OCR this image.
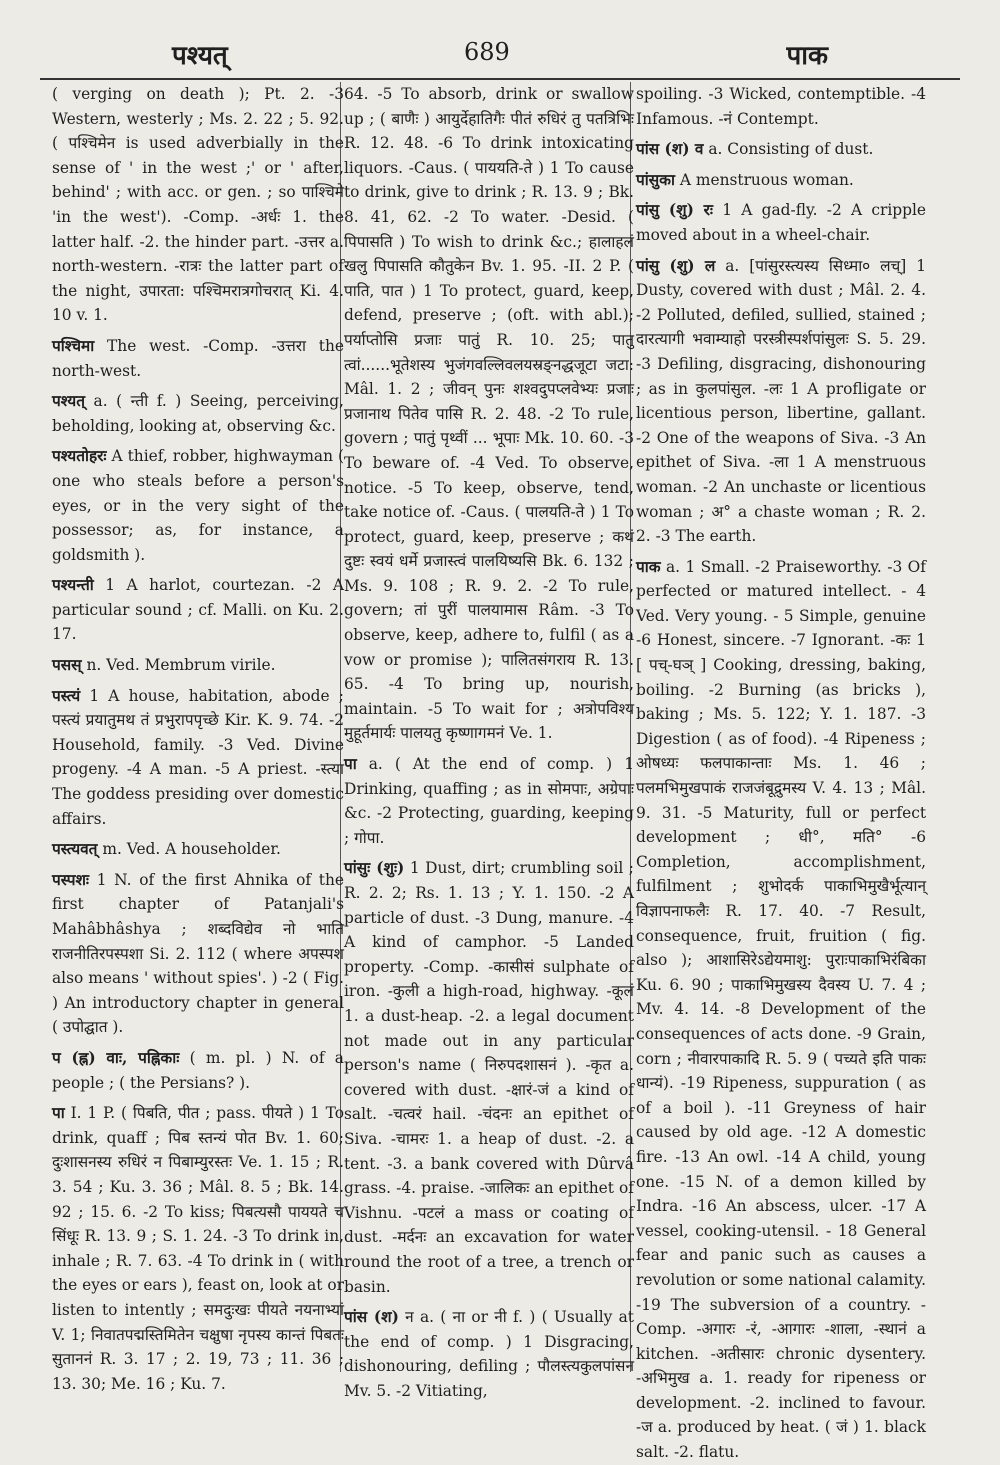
पश्यत्	689	पाक
( verging on death ); Pt. 2. -3 Western, westerly ; Ms. 2. 22 ; 5. 92. ( पश्चिमेन is used adverbially in the sense of ' in the west ;' or ' after, behind' ; with acc. or gen. ; so पाश्चिमे 'in the west'). -Comp. -अर्धः 1. the latter half. -2. the hinder part. -उत्तर a. north-western. -रात्रः the latter part of the night, उपारता: पश्चिमरात्रगोचरात् Ki. 4. 10 v. 1.
पश्चिमा The west. -Comp. -उत्तरा the north-west.
पश्यत् a. ( न्ती f. ) Seeing, perceiving, beholding, looking at, observing &c.
पश्यतोहरः A thief, robber, highwayman ( one who steals before a person's eyes, or in the very sight of the possessor; as, for instance, a goldsmith ).
पश्यन्ती 1 A harlot, courtezan. -2 A particular sound ; cf. Malli. on Ku. 2. 17.
पसस् n. Ved. Membrum virile.
पस्त्यं 1 A house, habitation, abode ; पस्त्यं प्रयातुमथ तं प्रभुरापपृच्छे Kir. K. 9. 74. -2 Household, family. -3 Ved. Divine progeny. -4 A man. -5 A priest. -स्त्या The goddess presiding over domestic affairs.
पस्त्यवत् m. Ved. A householder.
पस्पशः 1 N. of the first Ahnika of the first chapter of Patanjali's Mahâbhâshya ; शब्दविद्येव नो भाति राजनीतिरपस्पशा Si. 2. 112 ( where अपस्पश also means ' without spies'. ) -2 ( Fig. ) An introductory chapter in general ( उपोद्घात ).
प (ह्न) वाः, पह्निकाः ( m. pl. ) N. of a people ; ( the Persians? ).
पा I. 1 P. ( पिबति, पीत ; pass. पीयते ) 1 To drink, quaff ; पिब स्तन्यं पोत Bv. 1. 60; दुःशासनस्य रुधिरं न पिबाम्युरस्तः Ve. 1. 15 ; R. 3. 54 ; Ku. 3. 36 ; Mâl. 8. 5 ; Bk. 14. 92 ; 15. 6. -2 To kiss; पिबत्यसौ पाययते च सिंधूः R. 13. 9 ; S. 1. 24. -3 To drink in, inhale ; R. 7. 63. -4 To drink in ( with the eyes or ears ), feast on, look at or listen to intently ; समदुःखः पीयते नयनाभ्यां V. 1; निवातपद्मस्तिमितेन चक्षुषा नृपस्य कान्तं पिबतः सुताननं R. 3. 17 ; 2. 19, 73 ; 11. 36 ; 13. 30; Me. 16 ; Ku. 7.
64. -5 To absorb, drink or swallow up ; ( बाणैः ) आयुर्देहातिगैः पीतं रुधिरं तु पतत्रिभिः R. 12. 48. -6 To drink intoxicating liquors. -Caus. ( पाययति-ते ) 1 To cause to drink, give to drink ; R. 13. 9 ; Bk. 8. 41, 62. -2 To water. -Desid. ( पिपासति ) To wish to drink &c.; हालाहलं खलु पिपासति कौतुकेन Bv. 1. 95. -II. 2 P. ( पाति, पात ) 1 To protect, guard, keep, defend, preserve ; (oft. with abl.); पर्याप्तोसि प्रजाः पातुं R. 10. 25; पातु त्वां......भूतेशस्य भुजंगवल्लिवलयस्रङ्नद्धजूटा जटा: Mâl. 1. 2 ; जीवन् पुनः शश्वदुपप्लवेभ्यः प्रजाः प्रजानाथ पितेव पासि R. 2. 48. -2 To rule, govern ; पातुं पृथ्वीं ... भूपाः Mk. 10. 60. -3 To beware of. -4 Ved. To observe, notice. -5 To keep, observe, tend, take notice of. -Caus. ( पालयति-ते ) 1 To protect, guard, keep, preserve ; कथं दुष्टः स्वयं धर्मे प्रजास्त्वं पालयिष्यसि Bk. 6. 132 ; Ms. 9. 108 ; R. 9. 2. -2 To rule, govern; तां पुरीं पालयामास Râm. -3 To observe, keep, adhere to, fulfil ( as a vow or promise ); पालितसंगराय R. 13. 65. -4 To bring up, nourish, maintain. -5 To wait for ; अत्रोपविश्य मुहूर्तमार्यः पालयतु कृष्णागमनं Ve. 1.
पा a. ( At the end of comp. ) 1 Drinking, quaffing ; as in सोमपाः, अग्रेपाः &c. -2 Protecting, guarding, keeping ; गोपा.
पांसुः (शुः) 1 Dust, dirt; crumbling soil ; R. 2. 2; Rs. 1. 13 ; Y. 1. 150. -2 A particle of dust. -3 Dung, manure. -4 A kind of camphor. -5 Landed property. -Comp. -कासीसं sulphate of iron. -कुली a high-road, highway. -कूलं 1. a dust-heap. -2. a legal document not made out in any particular person's name ( निरुपदशासनं ). -कृत a. covered with dust. -क्षारं-जं a kind of salt. -चत्वरं hail. -चंदनः an epithet of Siva. -चामरः 1. a heap of dust. -2. a tent. -3. a bank covered with Dûrvâ grass. -4. praise. -जालिकः an epithet of Vishnu. -पटलं a mass or coating of dust. -मर्दनः an excavation for water round the root of a tree, a trench or basin.
पांस (श) न a. ( ना or नी f. ) ( Usually at the end of comp. ) 1 Disgracing, dishonouring, defiling ; पौलस्त्यकुलपांसन Mv. 5. -2 Vitiating,
spoiling. -3 Wicked, contemptible. -4 Infamous. -नं Contempt.
पांस (श) व a. Consisting of dust.
पांसुका A menstruous woman.
पांसु (शु) रः 1 A gad-fly. -2 A cripple moved about in a wheel-chair.
पांसु (शु) ल a. [पांसुरस्त्यस्य सिध्मा० लच्] 1 Dusty, covered with dust ; Mâl. 2. 4. -2 Polluted, defiled, sullied, stained ; दारत्यागी भवाम्याहो परस्त्रीस्पर्शपांसुलः S. 5. 29. -3 Defiling, disgracing, dishonouring ; as in कुलपांसुल. -लः 1 A profligate or licentious person, libertine, gallant. -2 One of the weapons of Siva. -3 An epithet of Siva. -ला 1 A menstruous woman. -2 An unchaste or licentious woman ; अ° a chaste woman ; R. 2. 2. -3 The earth.
पाक a. 1 Small. -2 Praiseworthy. -3 Of perfected or matured intellect. - 4 Ved. Very young. - 5 Simple, genuine -6 Honest, sincere. -7 Ignorant. -कः 1 [ पच्-घञ् ] Cooking, dressing, baking, boiling. -2 Burning (as bricks ), baking ; Ms. 5. 122; Y. 1. 187. -3 Digestion ( as of food). -4 Ripeness ; ओषध्यः फलपाकान्ताः Ms. 1. 46 ; पलमभिमुखपाकं राजजंबूद्रुमस्य V. 4. 13 ; Mâl. 9. 31. -5 Maturity, full or perfect development ; धी°, मति° -6 Completion, accomplishment, fulfilment ; शुभोदर्क पाकाभिमुखैर्भूत्यान् विज्ञापनाफलैः R. 17. 40. -7 Result, consequence, fruit, fruition ( fig. also ); आशासिरेऽद्येयमाशु: पुराःपाकाभिरंबिका Ku. 6. 90 ; पाकाभिमुखस्य दैवस्य U. 7. 4 ; Mv. 4. 14. -8 Development of the consequences of acts done. -9 Grain, corn ; नीवारपाकादि R. 5. 9 ( पच्यते इति पाकः धान्यं). -19 Ripeness, suppuration ( as of a boil ). -11 Greyness of hair caused by old age. -12 A domestic fire. -13 An owl. -14 A child, young one. -15 N. of a demon killed by Indra. -16 An abscess, ulcer. -17 A vessel, cooking-utensil. - 18 General fear and panic such as causes a revolution or some national calamity. -19 The subversion of a country. -Comp. -अगारः -रं, -आगारः -शाला, -स्थानं a kitchen. -अतीसारः chronic dysentery. -अभिमुख a. 1. ready for ripeness or development. -2. inclined to favour. -ज a. produced by heat. ( जं ) 1. black salt. -2. flatu.
